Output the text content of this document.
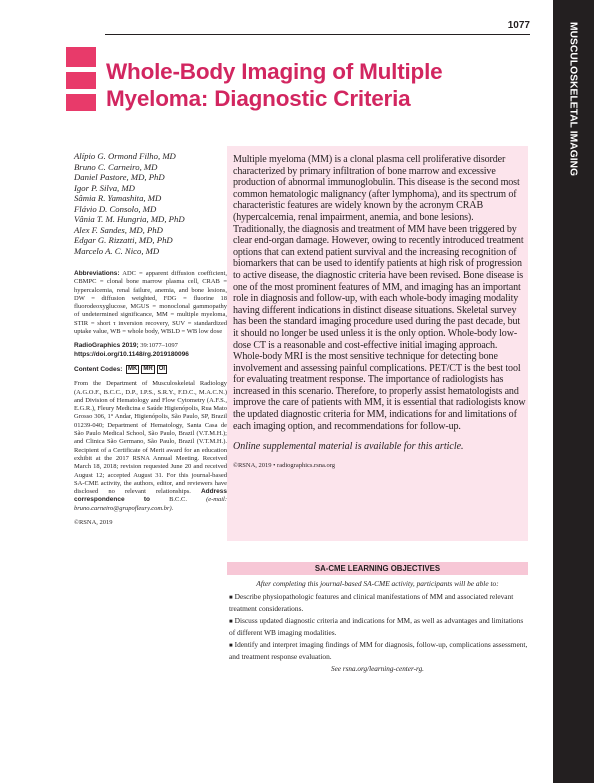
MUSCULOSKELETAL IMAGING
1077
Whole-Body Imaging of Multiple
Myeloma: Diagnostic Criteria
Alípio G. Ormond Filho, MD
Bruno C. Carneiro, MD
Daniel Pastore, MD, PhD
Igor P. Silva, MD
Sâmia R. Yamashita, MD
Flávio D. Consolo, MD
Vânia T. M. Hungria, MD, PhD
Alex F. Sandes, MD, PhD
Edgar G. Rizzatti, MD, PhD
Marcelo A. C. Nico, MD

Abbreviations: ADC = apparent diffusion coefficient, CBMPC = clonal bone marrow plasma cell, CRAB = hypercalcemia, renal failure, anemia, and bone lesions, DW = diffusion weighted, FDG = fluorine 18 fluorodeoxyglucose, MGUS = monoclonal gammopathy of undetermined significance, MM = multiple myeloma, STIR = short τ inversion recovery, SUV = standardized uptake value, WB = whole body, WBLD = WB low dose

RadioGraphics 2019; 39:1077–1097
https://doi.org/10.1148/rg.2019180096

Content Codes: MK MR OI

From the Department of Musculoskeletal Radiology (A.G.O.F., B.C.C., D.P., I.P.S., S.R.Y., F.D.C., M.A.C.N.) and Division of Hematology and Flow Cytometry (A.F.S., E.G.R.), Fleury Medicina e Saúde Higienópolis, Rua Mato Grosso 306, 1° Andar, Higienópolis, São Paulo, SP, Brazil 01239-040; Department of Hematology, Santa Casa de São Paulo Medical School, São Paulo, Brazil (V.T.M.H.); and Clinica São Germano, São Paulo, Brazil (V.T.M.H.). Recipient of a Certificate of Merit award for an education exhibit at the 2017 RSNA Annual Meeting. Received March 18, 2018; revision requested June 20 and received August 12; accepted August 31. For this journal-based SA-CME activity, the authors, editor, and reviewers have disclosed no relevant relationships. Address correspondence to B.C.C. (e-mail: bruno.carneiro@grupofleury.com.br).

©RSNA, 2019

Multiple myeloma (MM) is a clonal plasma cell proliferative disorder characterized by primary infiltration of bone marrow and excessive production of abnormal immunoglobulin. This disease is the second most common hematologic malignancy (after lymphoma), and its spectrum of characteristic features are widely known by the acronym CRAB (hypercalcemia, renal impairment, anemia, and bone lesions). Traditionally, the diagnosis and treatment of MM have been triggered by clear end-organ damage. However, owing to recently introduced treatment options that can extend patient survival and the increasing recognition of biomarkers that can be used to identify patients at high risk of progression to active disease, the diagnostic criteria have been revised. Bone disease is one of the most prominent features of MM, and imaging has an important role in diagnosis and follow-up, with each whole-body imaging modality having different indications in distinct disease situations. Skeletal survey has been the standard imaging procedure used during the past decade, but it should no longer be used unless it is the only option. Whole-body low-dose CT is a reasonable and cost-effective initial imaging approach. Whole-body MRI is the most sensitive technique for detecting bone involvement and assessing painful complications. PET/CT is the best tool for evaluating treatment response. The importance of radiologists has increased in this scenario. Therefore, to properly assist hematologists and improve the care of patients with MM, it is essential that radiologists know the updated diagnostic criteria for MM, indications for and limitations of each imaging option, and recommendations for follow-up.

Online supplemental material is available for this article.

©RSNA, 2019 • radiographics.rsna.org

SA-CME LEARNING OBJECTIVES
After completing this journal-based SA-CME activity, participants will be able to:
■ Describe physiopathologic features and clinical manifestations of MM and associated relevant treatment considerations.
■ Discuss updated diagnostic criteria and indications for MM, as well as advantages and limitations of different WB imaging modalities.
■ Identify and interpret imaging findings of MM for diagnosis, follow-up, complications assessment, and treatment response evaluation.
See rsna.org/learning-center-rg.
